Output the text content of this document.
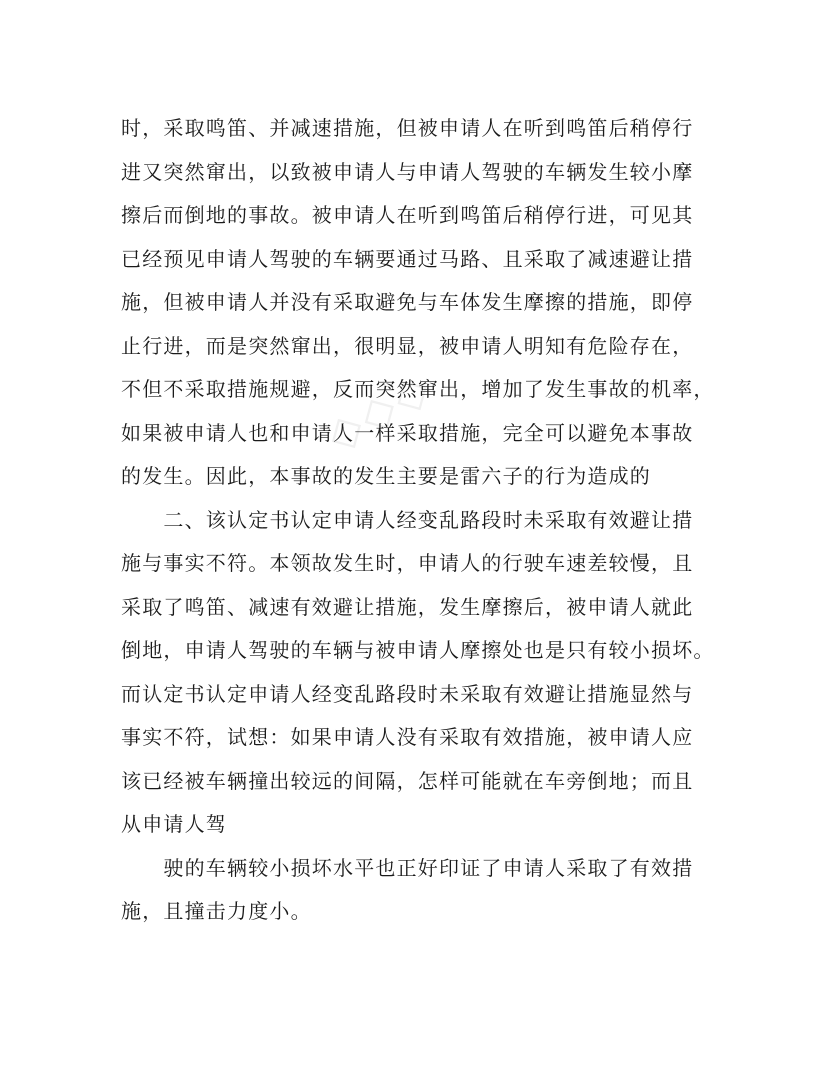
◇◇◇
时，采取鸣笛、并减速措施，但被申请人在听到鸣笛后稍停行
进又突然窜出，以致被申请人与申请人驾驶的车辆发生较小摩
擦后而倒地的事故。被申请人在听到鸣笛后稍停行进，可见其
已经预见申请人驾驶的车辆要通过马路、且采取了减速避让措
施，但被申请人并没有采取避免与车体发生摩擦的措施，即停
止行进，而是突然窜出，很明显，被申请人明知有危险存在，
不但不采取措施规避，反而突然窜出，增加了发生事故的机率，
如果被申请人也和申请人一样采取措施，完全可以避免本事故
的发生。因此，本事故的发生主要是雷六子的行为造成的
　　二、该认定书认定申请人经变乱路段时未采取有效避让措
施与事实不符。本领故发生时，申请人的行驶车速差较慢，且
采取了鸣笛、减速有效避让措施，发生摩擦后，被申请人就此
倒地，申请人驾驶的车辆与被申请人摩擦处也是只有较小损坏。
而认定书认定申请人经变乱路段时未采取有效避让措施显然与
事实不符，试想：如果申请人没有采取有效措施，被申请人应
该已经被车辆撞出较远的间隔，怎样可能就在车旁倒地；而且
从申请人驾
　　驶的车辆较小损坏水平也正好印证了申请人采取了有效措
施，且撞击力度小。
